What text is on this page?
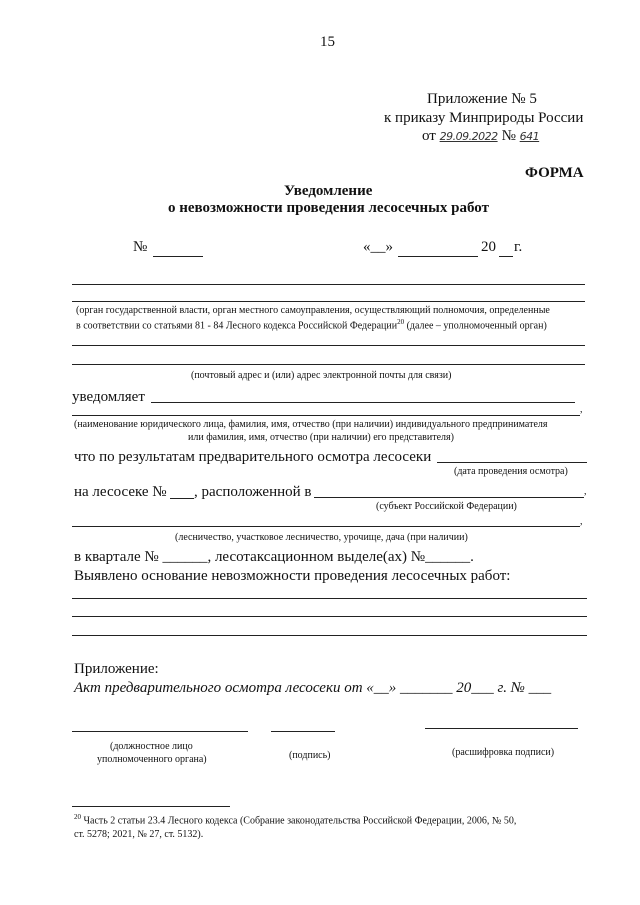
15
Приложение № 5
к приказу Минприроды России
от 29.09.2022 № 641
ФОРМА
Уведомление
о невозможности проведения лесосечных работ
№	«__»	20 г.
(орган государственной власти, орган местного самоуправления, осуществляющий полномочия, определенные
в соответствии со статьями 81 - 84 Лесного кодекса Российской Федерации$^{20}$ (далее – уполномоченный орган)
(почтовый адрес и (или) адрес электронной почты для связи)
уведомляет
,
(наименование юридического лица, фамилия, имя, отчество (при наличии) индивидуального предпринимателя
или фамилия, имя, отчество (при наличии) его представителя)
что по результатам предварительного осмотра лесосеки
(дата проведения осмотра)
на лесосеке № , расположенной в	,
(субъект Российской Федерации)
,
(лесничество, участковое лесничество, урочище, дача (при наличии)
в квартале № ______, лесотаксационном выделе(ах) №______.
Выявлено основание невозможности проведения лесосечных работ:
Приложение:
Акт предварительного осмотра лесосеки от «__» _______ 20___ г. № ___
(должностное лицо
уполномоченного органа)	(подпись)	(расшифровка подписи)
$^{20}$ Часть 2 статьи 23.4 Лесного кодекса (Собрание законодательства Российской Федерации, 2006, № 50,
ст. 5278; 2021, № 27, ст. 5132).
